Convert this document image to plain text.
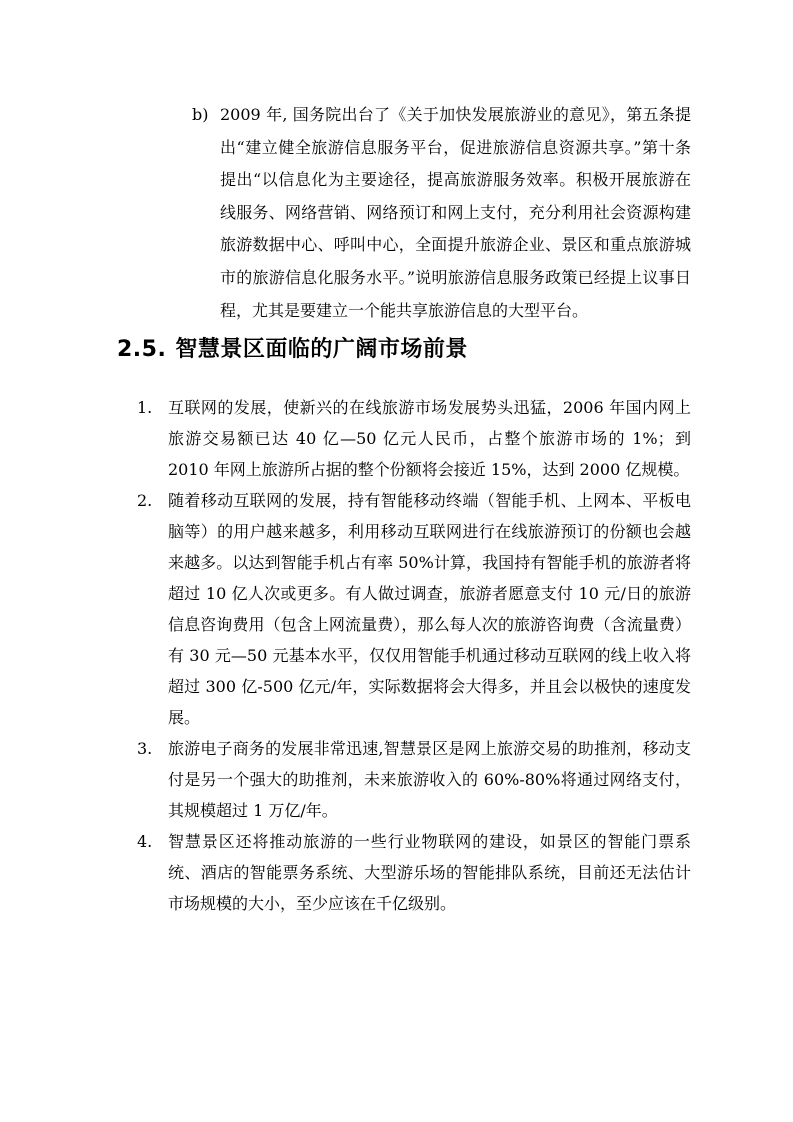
b) 2009 年, 国务院出台了《关于加快发展旅游业的意见》，第五条提出“建立健全旅游信息服务平台，促进旅游信息资源共享。”第十条提出“以信息化为主要途径，提高旅游服务效率。积极开展旅游在线服务、网络营销、网络预订和网上支付，充分利用社会资源构建旅游数据中心、呼叫中心，全面提升旅游企业、景区和重点旅游城市的旅游信息化服务水平。”说明旅游信息服务政策已经提上议事日程，尤其是要建立一个能共享旅游信息的大型平台。
2.5. 智慧景区面临的广阔市场前景
1. 互联网的发展，使新兴的在线旅游市场发展势头迅猛，2006 年国内网上旅游交易额已达 40 亿—50 亿元人民币，占整个旅游市场的 1%；到 2010 年网上旅游所占据的整个份额将会接近 15%，达到 2000 亿规模。
2. 随着移动互联网的发展，持有智能移动终端（智能手机、上网本、平板电脑等）的用户越来越多，利用移动互联网进行在线旅游预订的份额也会越来越多。以达到智能手机占有率 50%计算，我国持有智能手机的旅游者将超过 10 亿人次或更多。有人做过调查，旅游者愿意支付 10 元/日的旅游信息咨询费用（包含上网流量费），那么每人次的旅游咨询费（含流量费）有 30 元—50 元基本水平，仅仅用智能手机通过移动互联网的线上收入将超过 300 亿-500 亿元/年，实际数据将会大得多，并且会以极快的速度发展。
3. 旅游电子商务的发展非常迅速,智慧景区是网上旅游交易的助推剂，移动支付是另一个强大的助推剂，未来旅游收入的 60%-80%将通过网络支付，其规模超过 1 万亿/年。
4. 智慧景区还将推动旅游的一些行业物联网的建设，如景区的智能门票系统、酒店的智能票务系统、大型游乐场的智能排队系统，目前还无法估计市场规模的大小，至少应该在千亿级别。
